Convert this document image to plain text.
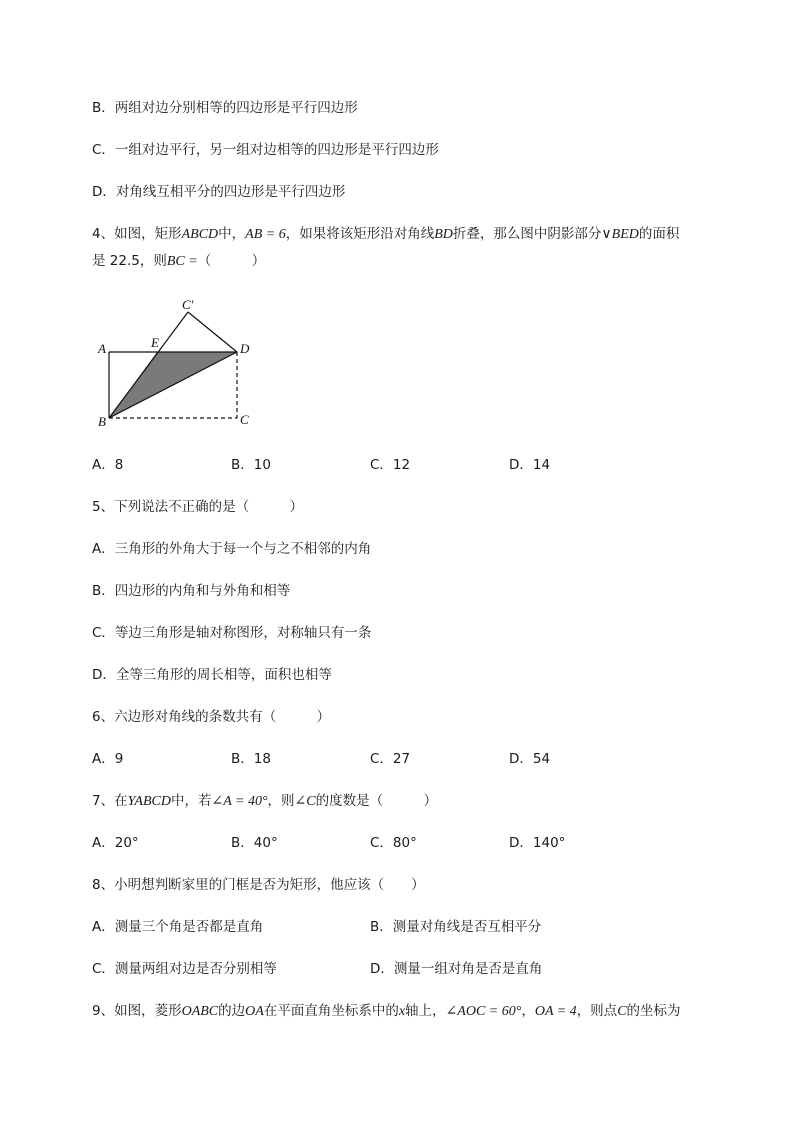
B．两组对边分别相等的四边形是平行四边形
C．一组对边平行，另一组对边相等的四边形是平行四边形
D．对角线互相平分的四边形是平行四边形
4、如图，矩形ABCD中，AB = 6，如果将该矩形沿对角线BD折叠，那么图中阴影部分∨BED的面积
是 22.5，则BC =（　　　）
C′
A	E	D
B	C
A．8	B．10	C．12	D．14
5、下列说法不正确的是（　　　）
A．三角形的外角大于每一个与之不相邻的内角
B．四边形的内角和与外角和相等
C．等边三角形是轴对称图形，对称轴只有一条
D．全等三角形的周长相等，面积也相等
6、六边形对角线的条数共有（　　　）
A．9	B．18	C．27	D．54
7、在YABCD中，若∠A = 40°，则∠C的度数是（　　　）
A．20°	B．40°	C．80°	D．140°
8、小明想判断家里的门框是否为矩形，他应该（　　）
A．测量三个角是否都是直角	B．测量对角线是否互相平分
C．测量两组对边是否分别相等	D．测量一组对角是否是直角
9、如图，菱形OABC的边OA在平面直角坐标系中的x轴上，∠AOC = 60°，OA = 4，则点C的坐标为
